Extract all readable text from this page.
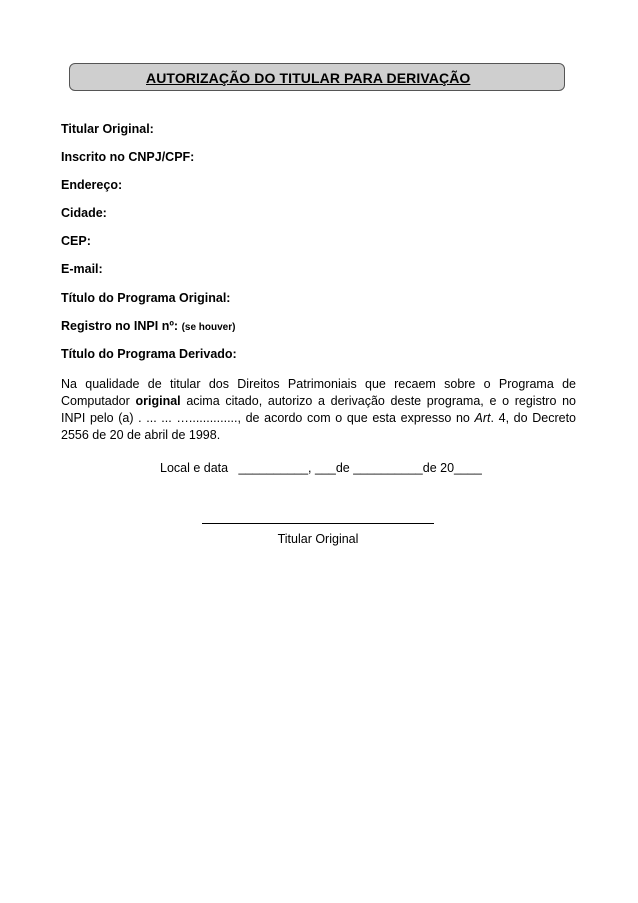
AUTORIZAÇÃO DO TITULAR PARA DERIVAÇÃO
Titular Original:
Inscrito no CNPJ/CPF:
Endereço:
Cidade:
CEP:
E-mail:
Título do Programa Original:
Registro no INPI nº: (se houver)
Título do Programa Derivado:
Na qualidade de titular dos Direitos Patrimoniais que recaem sobre o Programa de Computador original acima citado, autorizo a derivação deste programa, e o registro no INPI pelo (a) . ... ... ….............., de acordo com o que esta expresso no Art. 4, do Decreto 2556 de 20 de abril de 1998.
Local e data   __________, ___de __________de 20____
Titular Original
